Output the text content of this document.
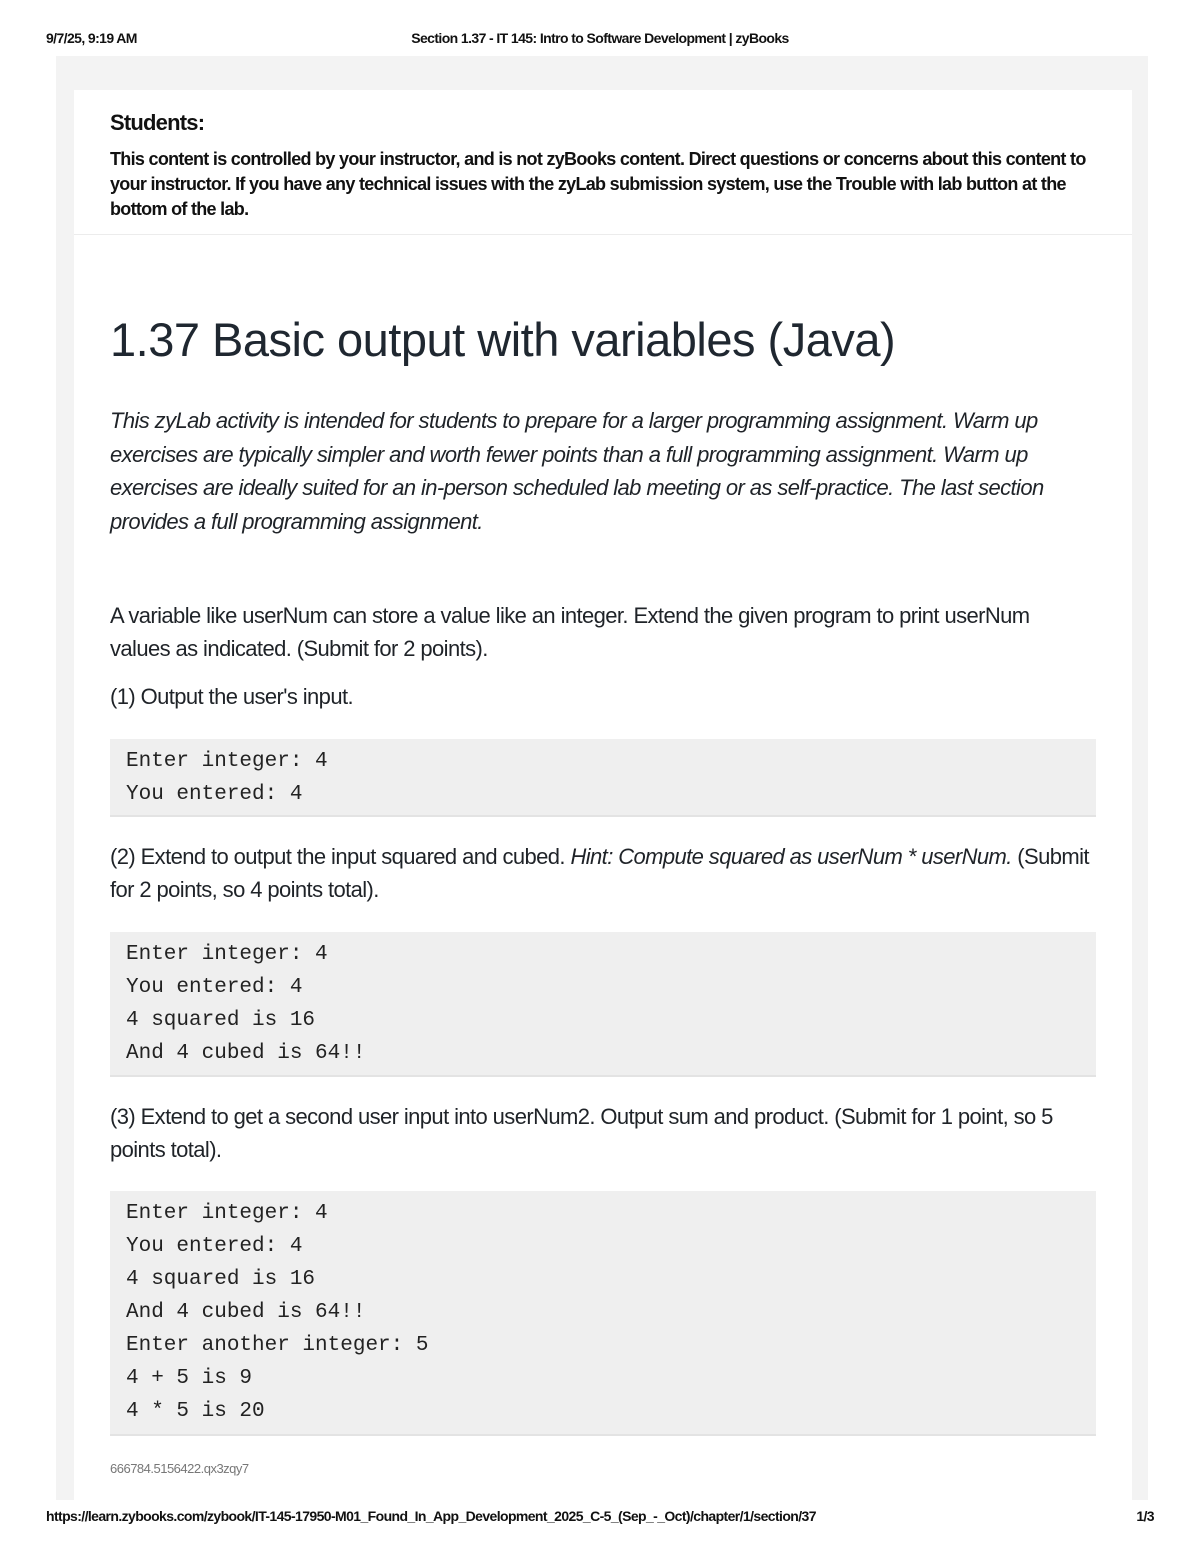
9/7/25, 9:19 AM	Section 1.37 - IT 145: Intro to Software Development | zyBooks
Students:
This content is controlled by your instructor, and is not zyBooks content. Direct questions or concerns about this content to your instructor. If you have any technical issues with the zyLab submission system, use the Trouble with lab button at the bottom of the lab.
1.37 Basic output with variables (Java)
This zyLab activity is intended for students to prepare for a larger programming assignment. Warm up exercises are typically simpler and worth fewer points than a full programming assignment. Warm up exercises are ideally suited for an in-person scheduled lab meeting or as self-practice. The last section provides a full programming assignment.
A variable like userNum can store a value like an integer. Extend the given program to print userNum values as indicated. (Submit for 2 points).
(1) Output the user's input.
Enter integer: 4
You entered: 4
(2) Extend to output the input squared and cubed. Hint: Compute squared as userNum * userNum. (Submit for 2 points, so 4 points total).
Enter integer: 4
You entered: 4
4 squared is 16
And 4 cubed is 64!!
(3) Extend to get a second user input into userNum2. Output sum and product. (Submit for 1 point, so 5 points total).
Enter integer: 4
You entered: 4
4 squared is 16
And 4 cubed is 64!!
Enter another integer: 5
4 + 5 is 9
4 * 5 is 20
666784.5156422.qx3zqy7
https://learn.zybooks.com/zybook/IT-145-17950-M01_Found_In_App_Development_2025_C-5_(Sep_-_Oct)/chapter/1/section/37	1/3
